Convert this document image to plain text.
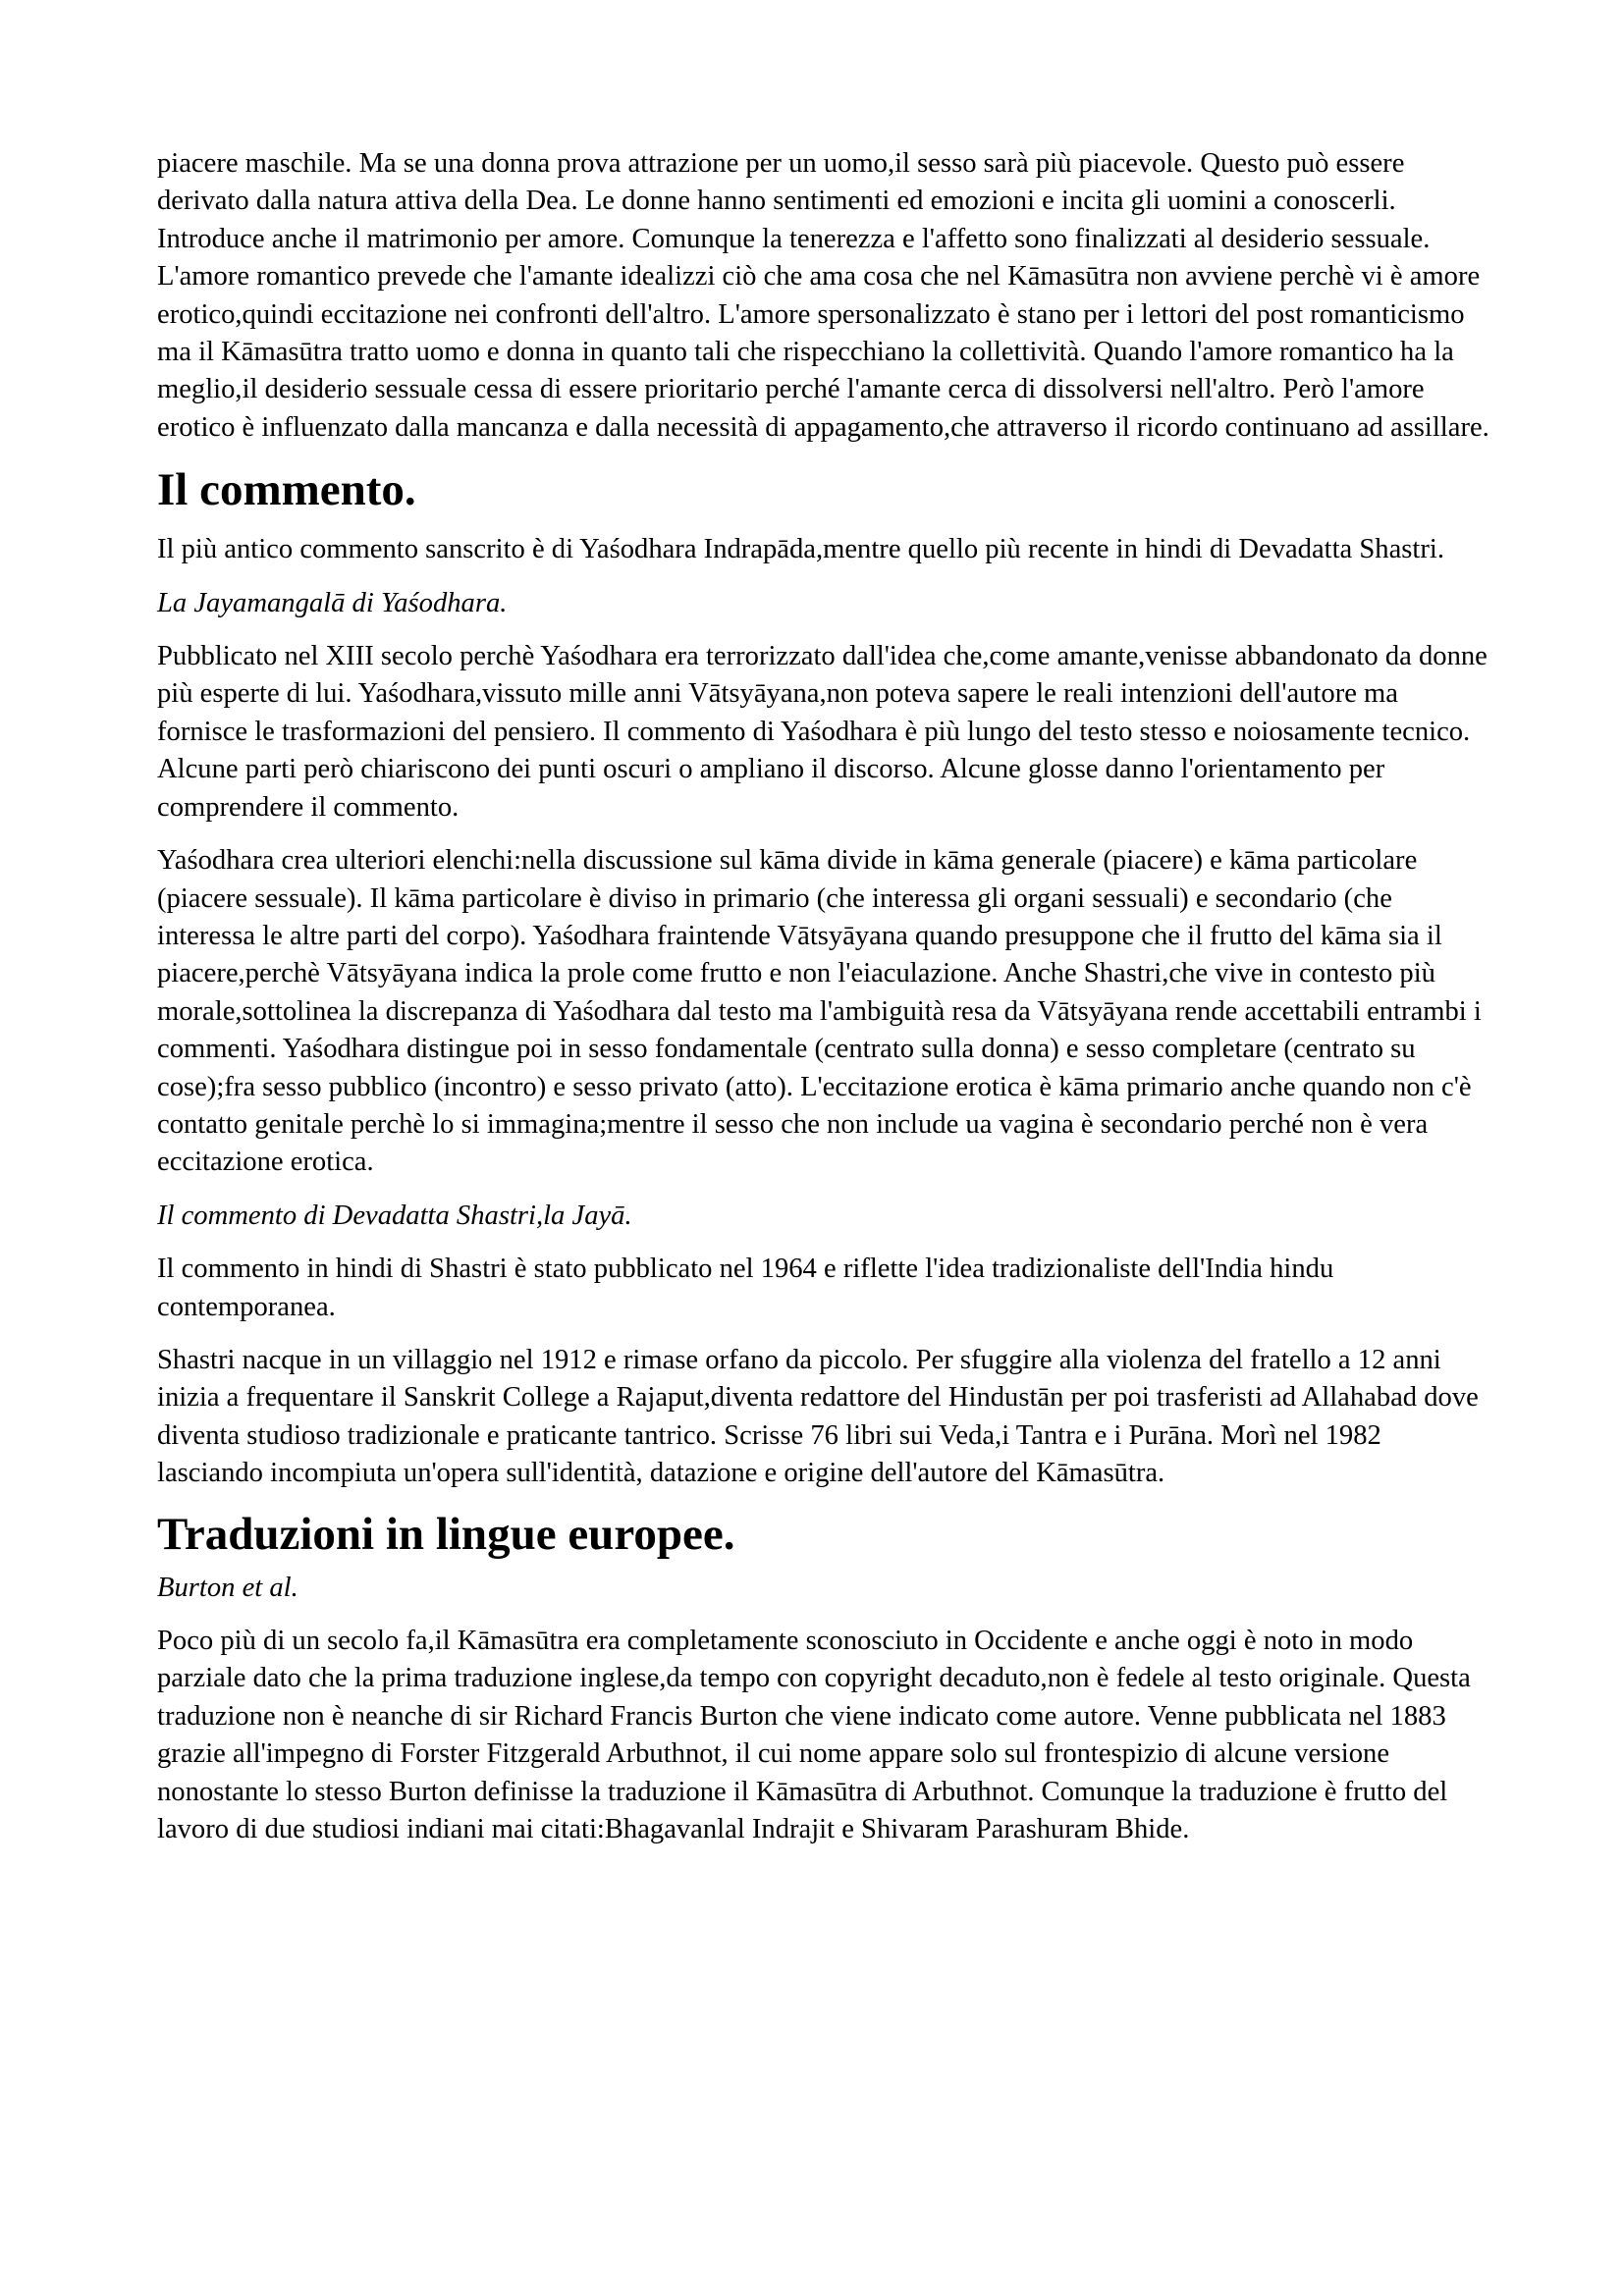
piacere maschile. Ma se una donna prova attrazione per un uomo,il sesso sarà più piacevole. Questo può essere derivato dalla natura attiva della Dea. Le donne hanno sentimenti ed emozioni e incita gli uomini a conoscerli. Introduce anche il matrimonio per amore. Comunque la tenerezza e l'affetto sono finalizzati al desiderio sessuale. L'amore romantico prevede che l'amante idealizzi ciò che ama cosa che nel Kāmasūtra non avviene perchè vi è amore erotico,quindi eccitazione nei confronti dell'altro. L'amore spersonalizzato è stano per i lettori del post romanticismo ma il Kāmasūtra tratto uomo e donna in quanto tali che rispecchiano la collettività. Quando l'amore romantico ha la meglio,il desiderio sessuale cessa di essere prioritario perché l'amante cerca di dissolversi nell'altro. Però l'amore erotico è influenzato dalla mancanza e dalla necessità di appagamento,che attraverso il ricordo continuano ad assillare.

Il commento.

Il più antico commento sanscrito è di Yaśodhara Indrapāda,mentre quello più recente in hindi di Devadatta Shastri.

La Jayamangalā di Yaśodhara.

Pubblicato nel XIII secolo perchè Yaśodhara era terrorizzato dall'idea che,come amante,venisse abbandonato da donne più esperte di lui. Yaśodhara,vissuto mille anni Vātsyāyana,non poteva sapere le reali intenzioni dell'autore ma fornisce le trasformazioni del pensiero. Il commento di Yaśodhara è più lungo del testo stesso e noiosamente tecnico. Alcune parti però chiariscono dei punti oscuri o ampliano il discorso. Alcune glosse danno l'orientamento per comprendere il commento.

Yaśodhara crea ulteriori elenchi:nella discussione sul kāma divide in kāma generale (piacere) e kāma particolare (piacere sessuale). Il kāma particolare è diviso in primario (che interessa gli organi sessuali) e secondario (che interessa le altre parti del corpo). Yaśodhara fraintende Vātsyāyana quando presuppone che il frutto del kāma sia il piacere,perchè Vātsyāyana indica la prole come frutto e non l'eiaculazione. Anche Shastri,che vive in contesto più morale,sottolinea la discrepanza di Yaśodhara dal testo ma l'ambiguità resa da Vātsyāyana rende accettabili entrambi i commenti. Yaśodhara distingue poi in sesso fondamentale (centrato sulla donna) e sesso completare (centrato su cose);fra sesso pubblico (incontro) e sesso privato (atto). L'eccitazione erotica è kāma primario anche quando non c'è contatto genitale perchè lo si immagina;mentre il sesso che non include ua vagina è secondario perché non è vera eccitazione erotica.

Il commento di Devadatta Shastri,la Jayā.

Il commento in hindi di Shastri è stato pubblicato nel 1964 e riflette l'idea tradizionaliste dell'India hindu contemporanea.

Shastri nacque in un villaggio nel 1912 e rimase orfano da piccolo. Per sfuggire alla violenza del fratello a 12 anni inizia a frequentare il Sanskrit College a Rajaput,diventa redattore del Hindustān per poi trasferisti ad Allahabad dove diventa studioso tradizionale e praticante tantrico. Scrisse 76 libri sui Veda,i Tantra e i Purāna. Morì nel 1982 lasciando incompiuta un'opera sull'identità, datazione e origine dell'autore del Kāmasūtra.

Traduzioni in lingue europee.

Burton et al.

Poco più di un secolo fa,il Kāmasūtra era completamente sconosciuto in Occidente e anche oggi è noto in modo parziale dato che la prima traduzione inglese,da tempo con copyright decaduto,non è fedele al testo originale. Questa traduzione non è neanche di sir Richard Francis Burton che viene indicato come autore. Venne pubblicata nel 1883 grazie all'impegno di Forster Fitzgerald Arbuthnot, il cui nome appare solo sul frontespizio di alcune versione nonostante lo stesso Burton definisse la traduzione il Kāmasūtra di Arbuthnot. Comunque la traduzione è frutto del lavoro di due studiosi indiani mai citati:Bhagavanlal Indrajit e Shivaram Parashuram Bhide.
